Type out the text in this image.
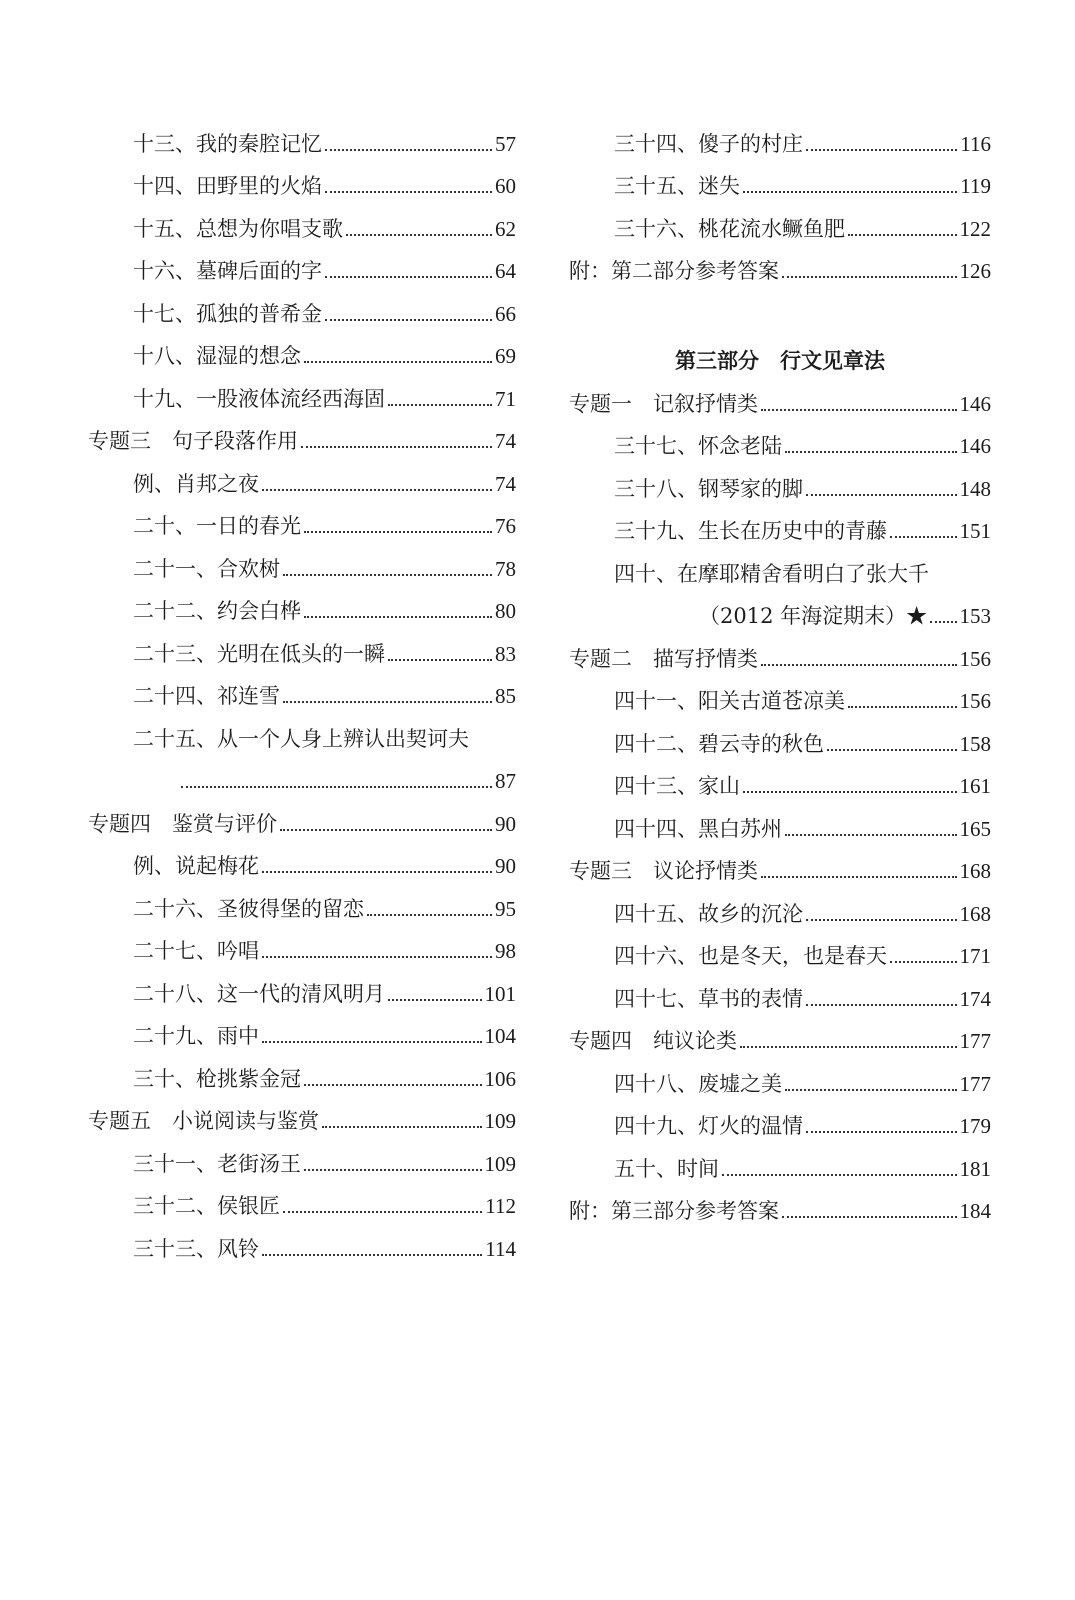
十三、我的秦腔记忆	57
十四、田野里的火焰	60
十五、总想为你唱支歌	62
十六、墓碑后面的字	64
十七、孤独的普希金	66
十八、湿湿的想念	69
十九、一股液体流经西海固	71
专题三　句子段落作用	74
例、肖邦之夜	74
二十、一日的春光	76
二十一、合欢树	78
二十二、约会白桦	80
二十三、光明在低头的一瞬	83
二十四、祁连雪	85
二十五、从一个人身上辨认出契诃夫
87
专题四　鉴赏与评价	90
例、说起梅花	90
二十六、圣彼得堡的留恋	95
二十七、吟唱	98
二十八、这一代的清风明月	101
二十九、雨中	104
三十、枪挑紫金冠	106
专题五　小说阅读与鉴赏	109
三十一、老街汤王	109
三十二、侯银匠	112
三十三、风铃	114
三十四、傻子的村庄	116
三十五、迷失	119
三十六、桃花流水鳜鱼肥	122
附：第二部分参考答案	126
第三部分　行文见章法
专题一　记叙抒情类	146
三十七、怀念老陆	146
三十八、钢琴家的脚	148
三十九、生长在历史中的青藤	151
四十、在摩耶精舍看明白了张大千
（2012 年海淀期末）★ 153
专题二　描写抒情类	156
四十一、阳关古道苍凉美	156
四十二、碧云寺的秋色	158
四十三、家山	161
四十四、黑白苏州	165
专题三　议论抒情类	168
四十五、故乡的沉沦	168
四十六、也是冬天，也是春天	171
四十七、草书的表情	174
专题四　纯议论类	177
四十八、废墟之美	177
四十九、灯火的温情	179
五十、时间	181
附：第三部分参考答案	184
